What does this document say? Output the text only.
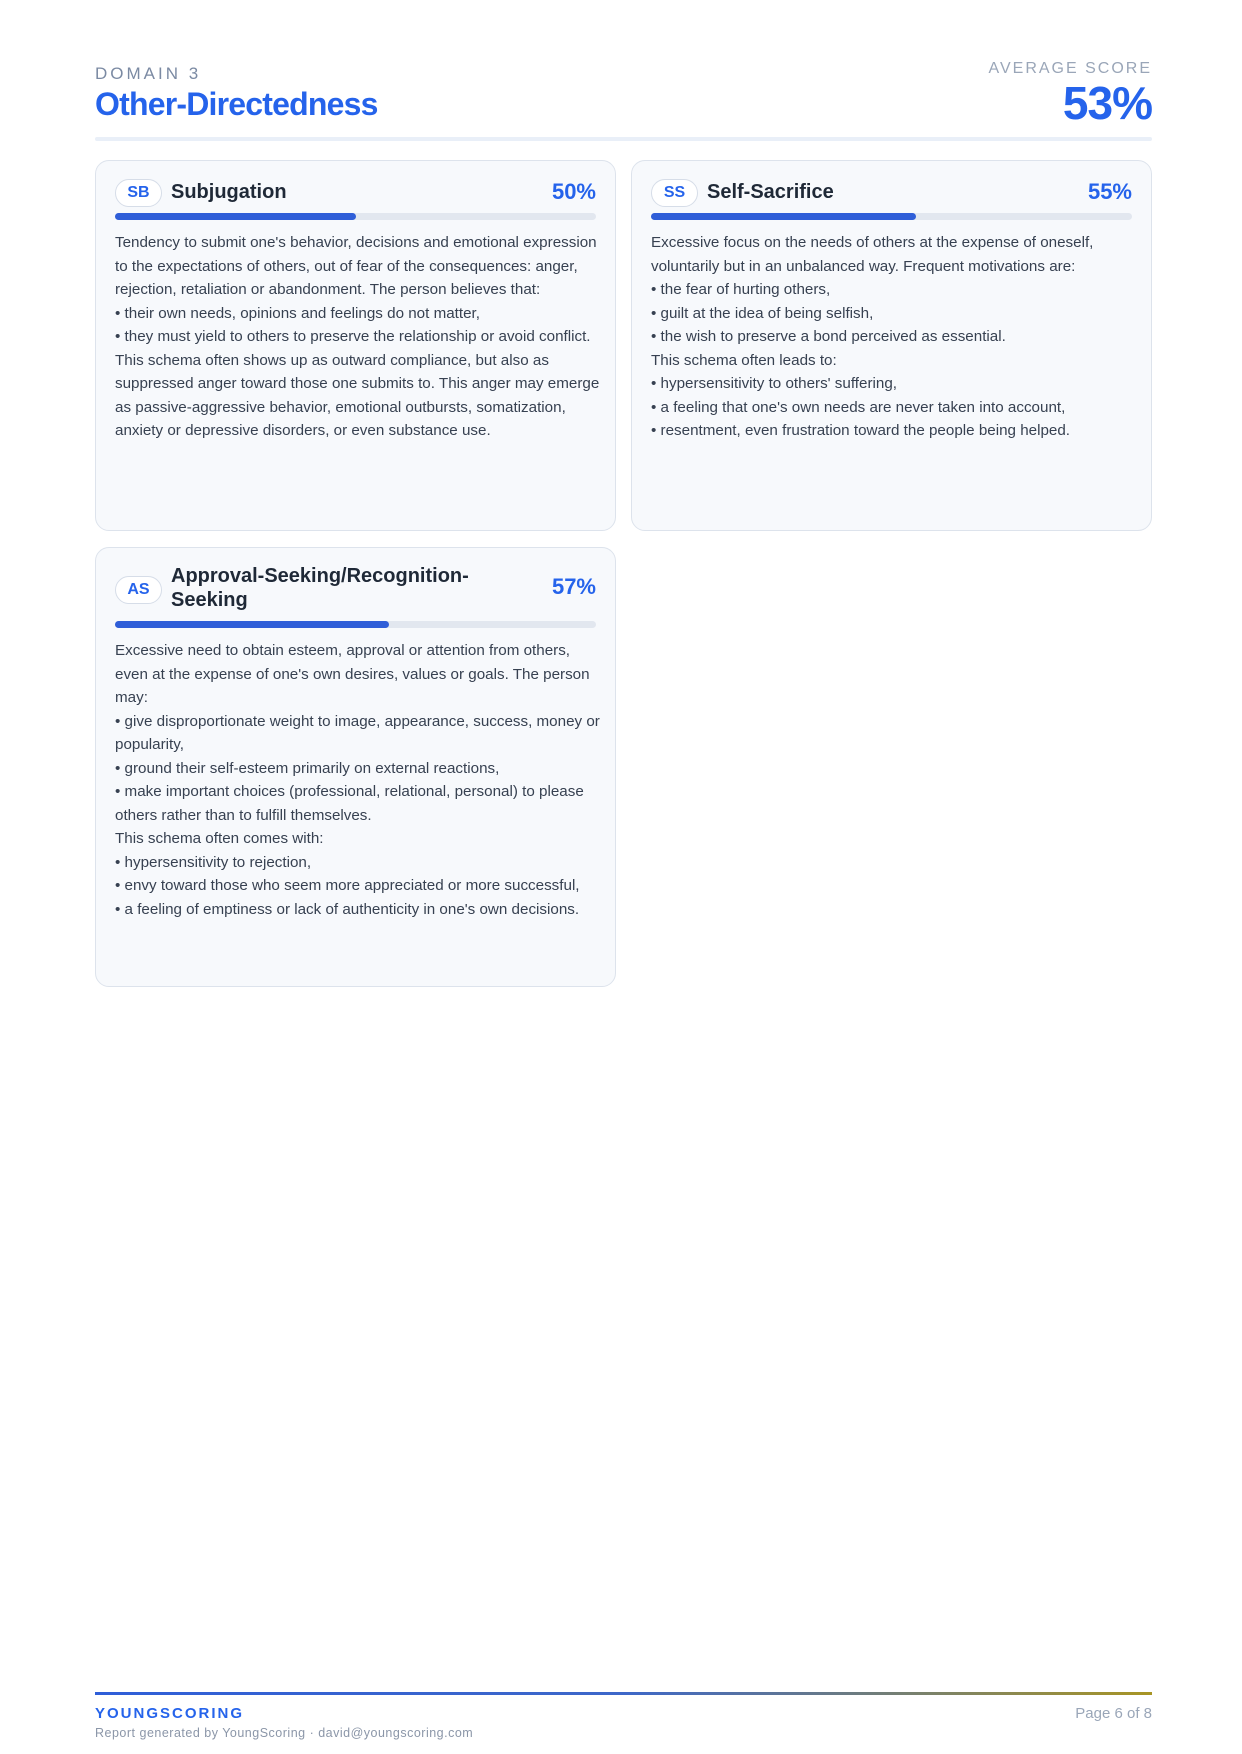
DOMAIN 3
Other-Directedness
AVERAGE SCORE
53%
SB	Subjugation	50%

Tendency to submit one's behavior, decisions and emotional expression to the expectations of others, out of fear of the consequences: anger, rejection, retaliation or abandonment. The person believes that:

• their own needs, opinions and feelings do not matter,

• they must yield to others to preserve the relationship or avoid conflict.

This schema often shows up as outward compliance, but also as suppressed anger toward those one submits to. This anger may emerge as passive-aggressive behavior, emotional outbursts, somatization, anxiety or depressive disorders, or even substance use.

SS	Self-Sacrifice	55%

Excessive focus on the needs of others at the expense of oneself, voluntarily but in an unbalanced way. Frequent motivations are:

• the fear of hurting others,

• guilt at the idea of being selfish,

• the wish to preserve a bond perceived as essential.

This schema often leads to:

• hypersensitivity to others' suffering,

• a feeling that one's own needs are never taken into account,

• resentment, even frustration toward the people being helped.

AS
Approval-Seeking/Recognition-Seeking
57%

Excessive need to obtain esteem, approval or attention from others, even at the expense of one's own desires, values or goals. The person may:

• give disproportionate weight to image, appearance, success, money or popularity,

• ground their self-esteem primarily on external reactions,

• make important choices (professional, relational, personal) to please others rather than to fulfill themselves.

This schema often comes with:

• hypersensitivity to rejection,

• envy toward those who seem more appreciated or more successful,

• a feeling of emptiness or lack of authenticity in one's own decisions.

YOUNGSCORING
Report generated by YoungScoring · david@youngscoring.com
Page 6 of 8
